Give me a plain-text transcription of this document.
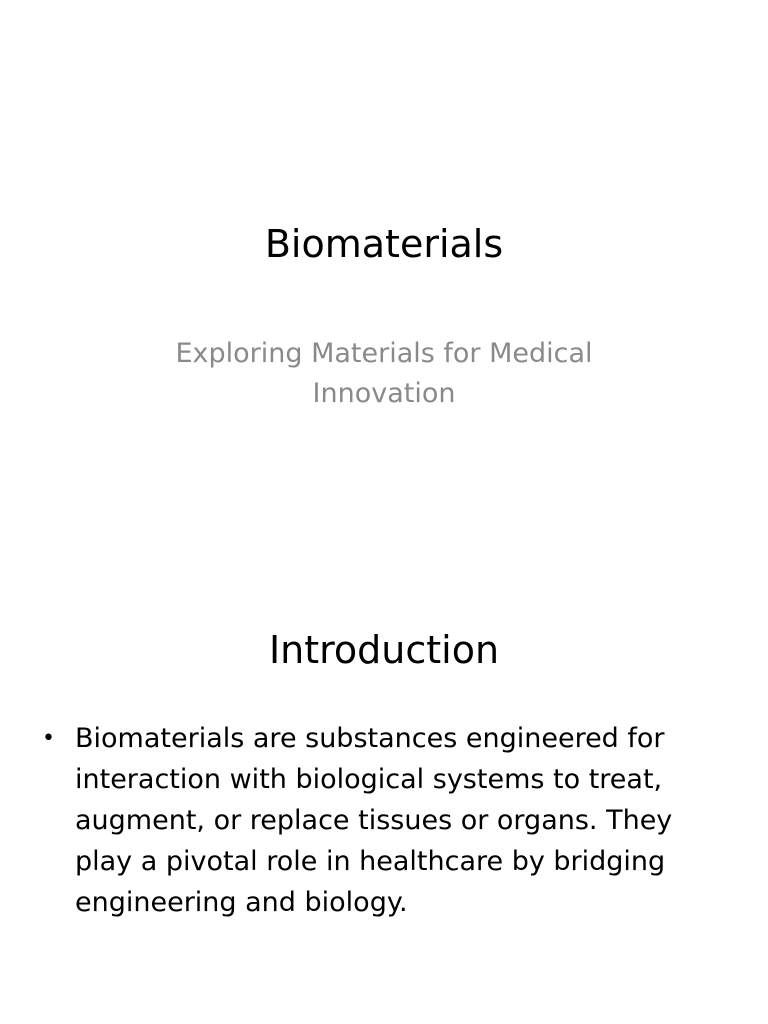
Biomaterials

Exploring Materials for Medical Innovation

Introduction
• Biomaterials are substances engineered for interaction with biological systems to treat, augment, or replace tissues or organs. They play a pivotal role in healthcare by bridging engineering and biology.
